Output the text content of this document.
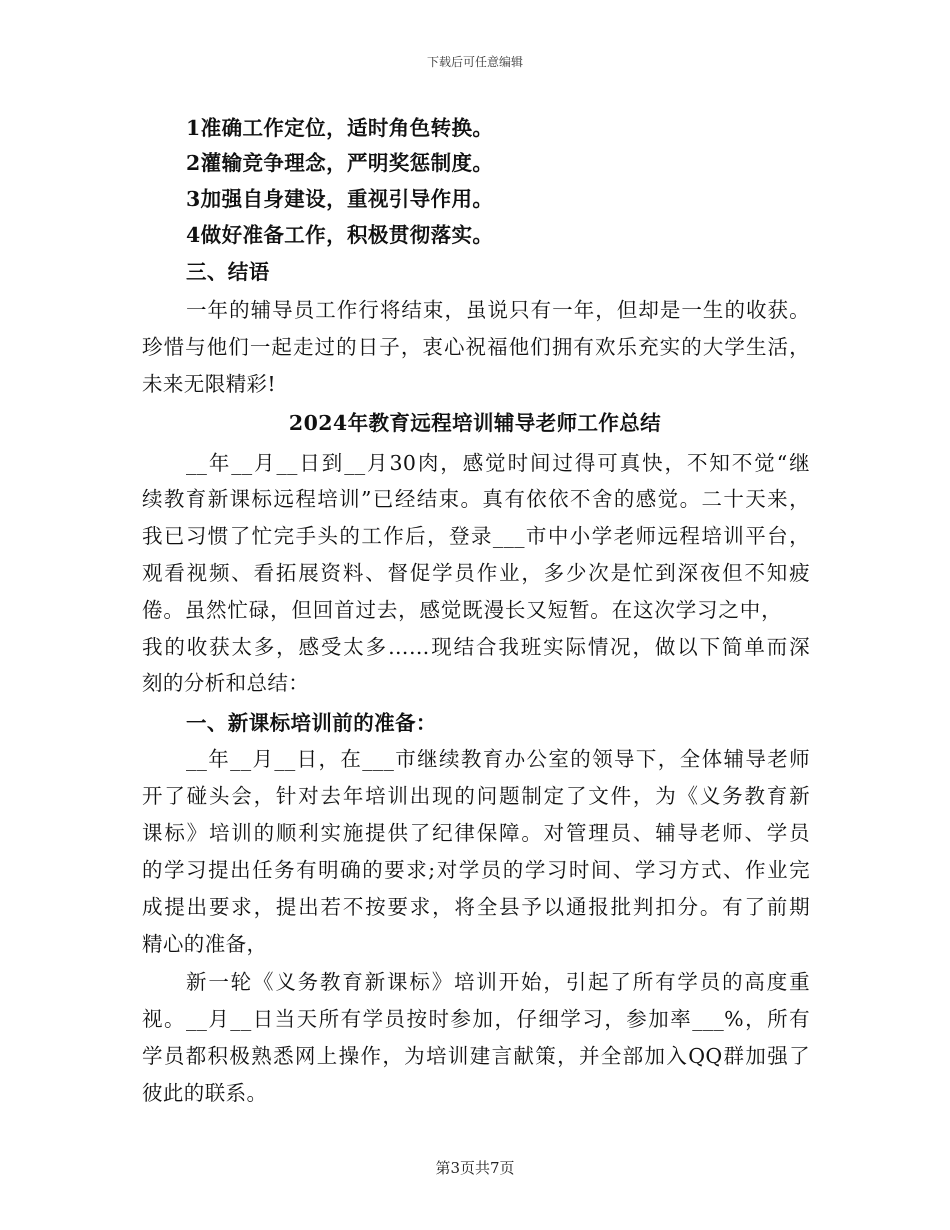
下载后可任意编辑
1准确工作定位，适时角色转换。
2灌输竞争理念，严明奖惩制度。
3加强自身建设，重视引导作用。
4做好准备工作，积极贯彻落实。
三、结语
一年的辅导员工作行将结束，虽说只有一年，但却是一生的收获。
珍惜与他们一起走过的日子，衷心祝福他们拥有欢乐充实的大学生活，
未来无限精彩!
2024年教育远程培训辅导老师工作总结
__年__月__日到__月30肉，感觉时间过得可真快，不知不觉“继
续教育新课标远程培训”已经结束。真有依依不舍的感觉。二十天来，
我已习惯了忙完手头的工作后，登录___市中小学老师远程培训平台，
观看视频、看拓展资料、督促学员作业，多少次是忙到深夜但不知疲
倦。虽然忙碌，但回首过去，感觉既漫长又短暂。在这次学习之中，
我的收获太多，感受太多……现结合我班实际情况，做以下简单而深
刻的分析和总结：
一、新课标培训前的准备：
__年__月__日，在___市继续教育办公室的领导下，全体辅导老师
开了碰头会，针对去年培训出现的问题制定了文件，为《义务教育新
课标》培训的顺利实施提供了纪律保障。对管理员、辅导老师、学员
的学习提出任务有明确的要求;对学员的学习时间、学习方式、作业完
成提出要求，提出若不按要求，将全县予以通报批判扣分。有了前期
精心的准备，
新一轮《义务教育新课标》培训开始，引起了所有学员的高度重
视。__月__日当天所有学员按时参加，仔细学习，参加率___%，所有
学员都积极熟悉网上操作，为培训建言献策，并全部加入QQ群加强了
彼此的联系。
第3页共7页
